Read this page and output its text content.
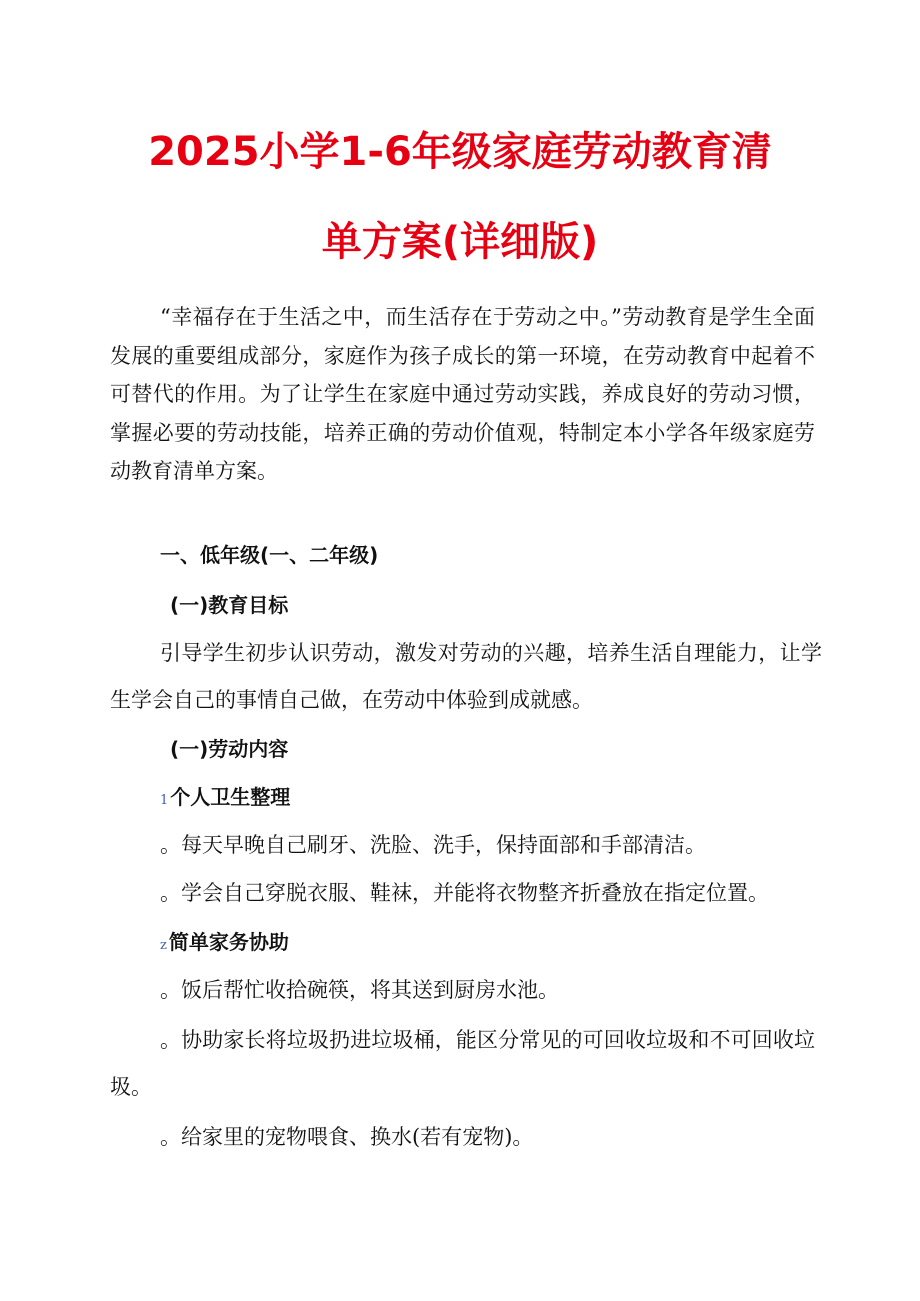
2025小学1-6年级家庭劳动教育清
单方案(详细版)

“幸福存在于生活之中，而生活存在于劳动之中。”劳动教育是学生全面发展的重要组成部分，家庭作为孩子成长的第一环境，在劳动教育中起着不可替代的作用。为了让学生在家庭中通过劳动实践，养成良好的劳动习惯，掌握必要的劳动技能，培养正确的劳动价值观，特制定本小学各年级家庭劳动教育清单方案。

一、低年级(一、二年级)

(一)教育目标

引导学生初步认识劳动，激发对劳动的兴趣，培养生活自理能力，让学生学会自己的事情自己做，在劳动中体验到成就感。

(一)劳动内容

1 个人卫生整理

。每天早晚自己刷牙、洗脸、洗手，保持面部和手部清洁。

。学会自己穿脱衣服、鞋袜，并能将衣物整齐折叠放在指定位置。

z 简单家务协助

。饭后帮忙收拾碗筷，将其送到厨房水池。

。协助家长将垃圾扔进垃圾桶，能区分常见的可回收垃圾和不可回收垃圾。

。给家里的宠物喂食、换水(若有宠物)。
